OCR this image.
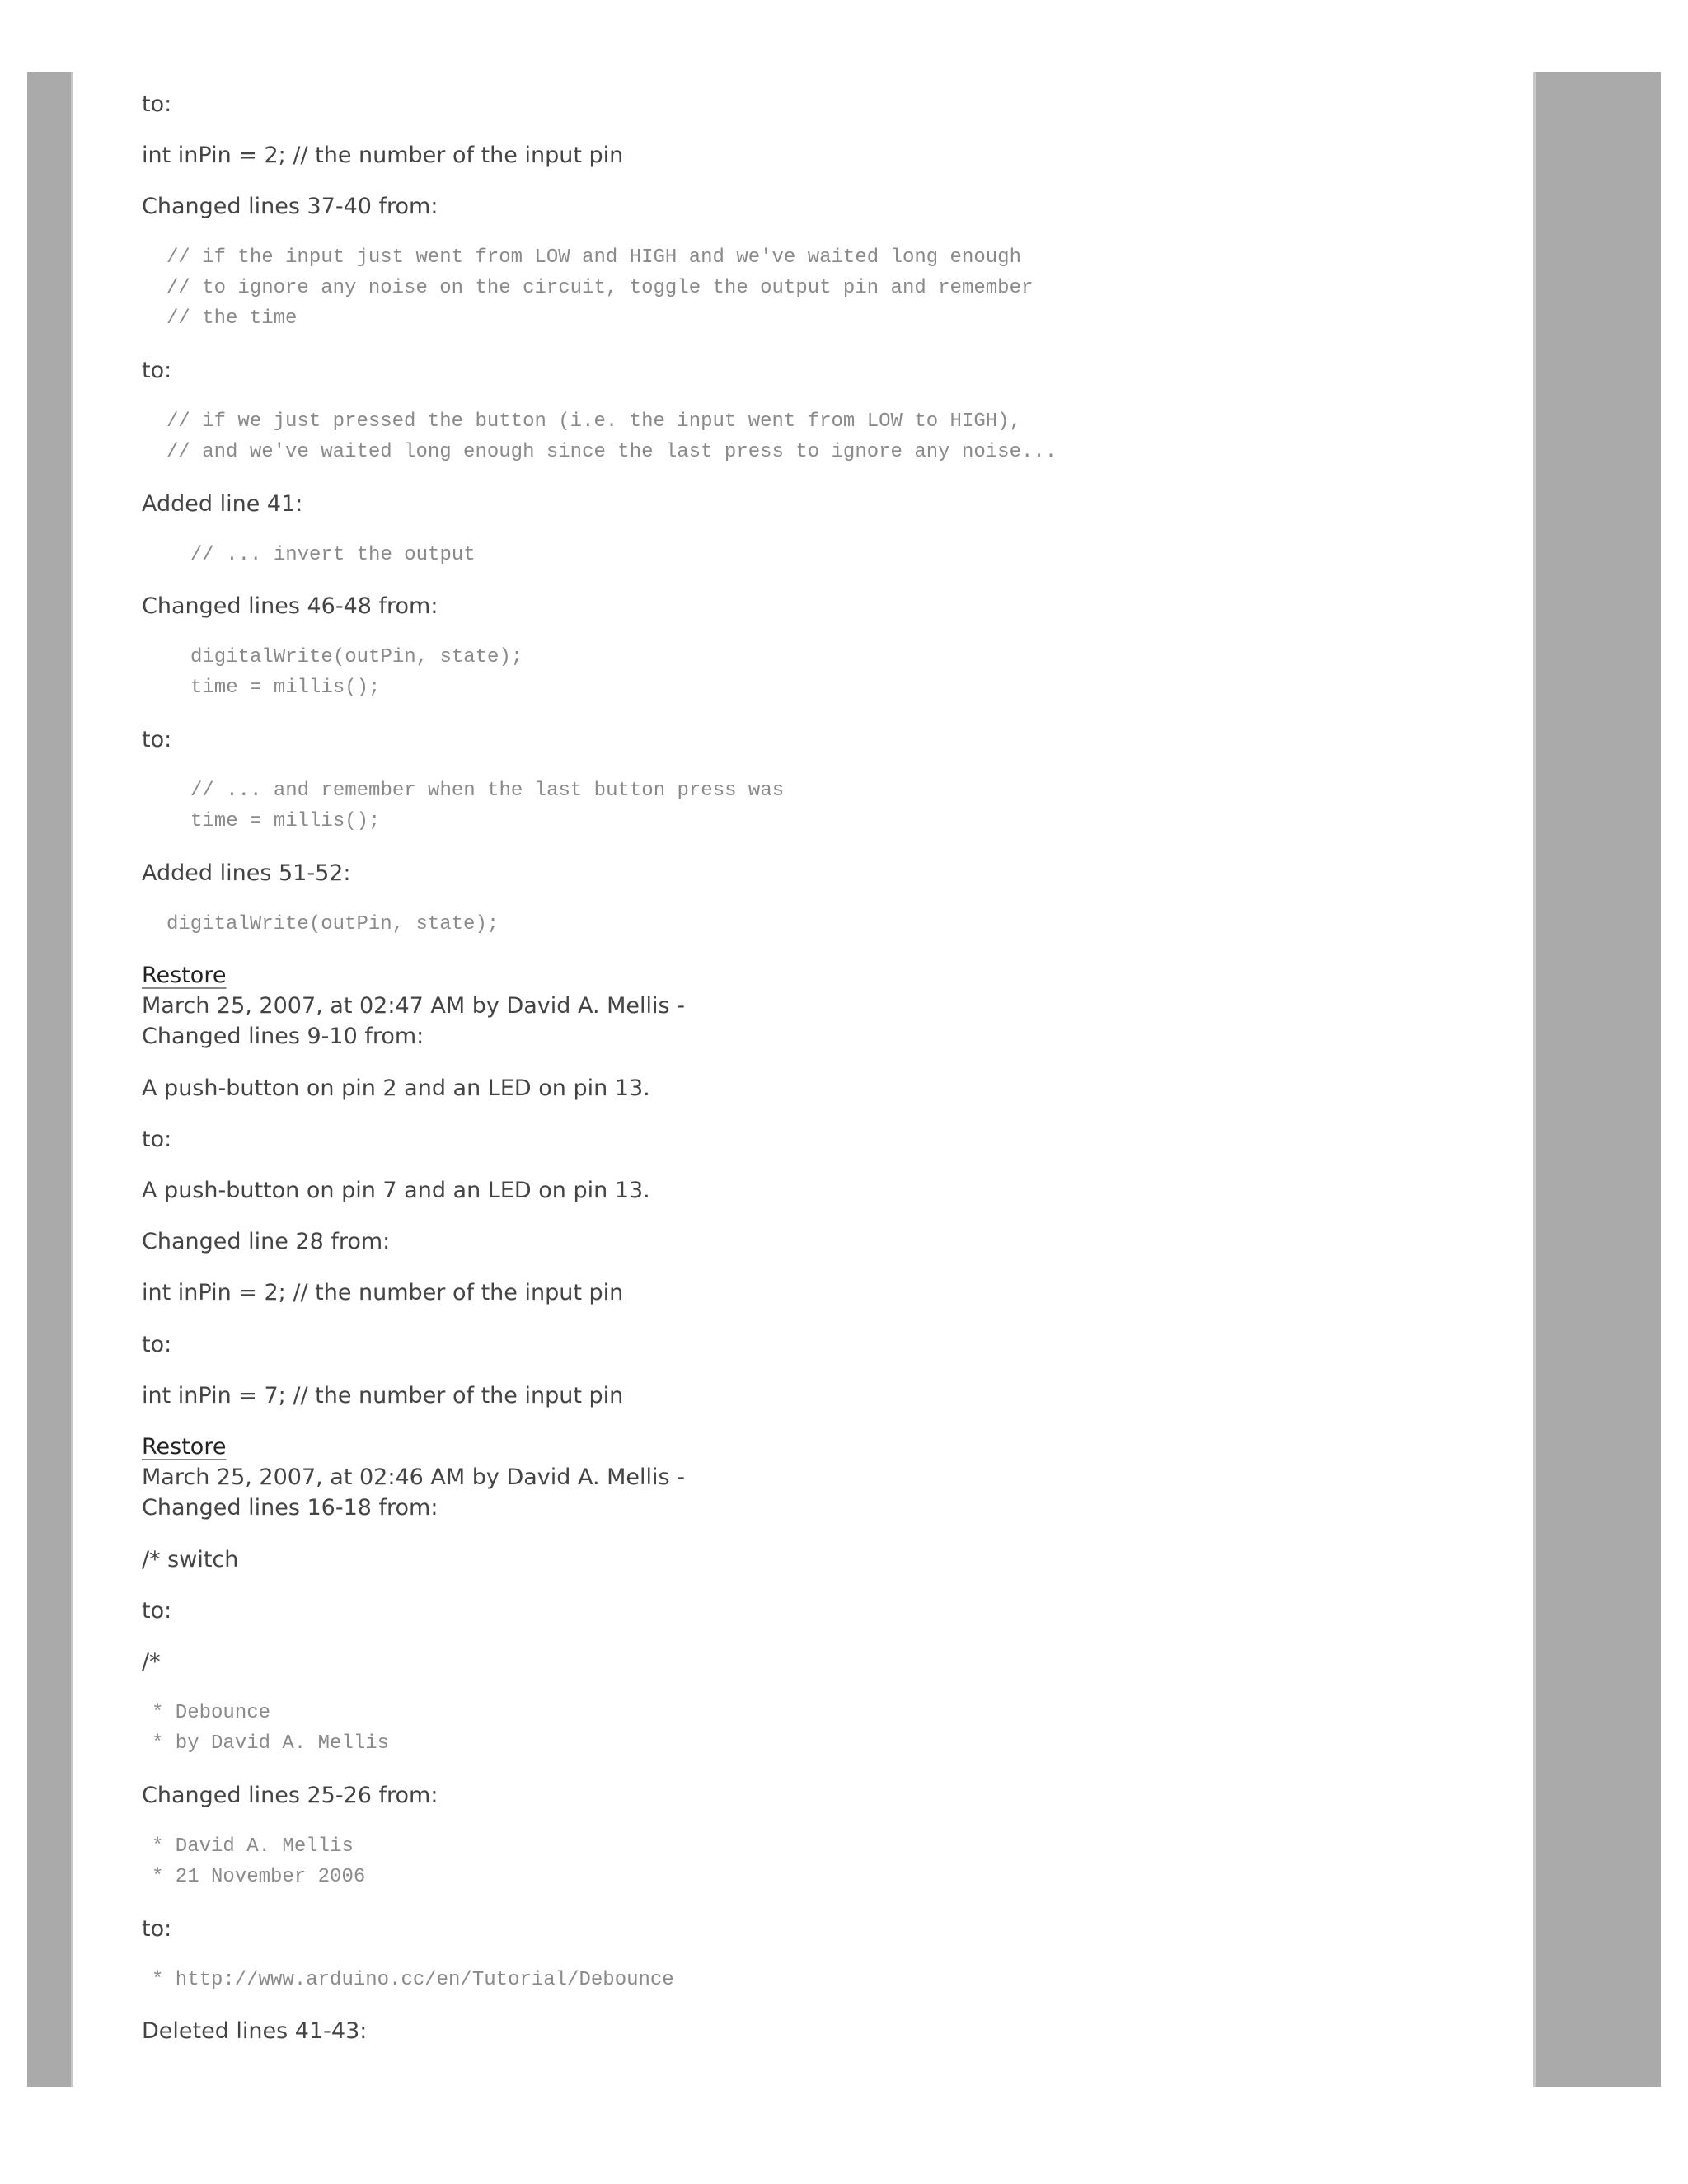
to:
int inPin = 2; // the number of the input pin
Changed lines 37-40 from:
// if the input just went from LOW and HIGH and we've waited long enough
// to ignore any noise on the circuit, toggle the output pin and remember
// the time
to:
// if we just pressed the button (i.e. the input went from LOW to HIGH),
// and we've waited long enough since the last press to ignore any noise...
Added line 41:
// ... invert the output
Changed lines 46-48 from:
digitalWrite(outPin, state);
time = millis();
to:
// ... and remember when the last button press was
time = millis();
Added lines 51-52:
digitalWrite(outPin, state);
Restore
March 25, 2007, at 02:47 AM by David A. Mellis -
Changed lines 9-10 from:
A push-button on pin 2 and an LED on pin 13.
to:
A push-button on pin 7 and an LED on pin 13.
Changed line 28 from:
int inPin = 2; // the number of the input pin
to:
int inPin = 7; // the number of the input pin
Restore
March 25, 2007, at 02:46 AM by David A. Mellis -
Changed lines 16-18 from:
/* switch
to:
/*
* Debounce
* by David A. Mellis
Changed lines 25-26 from:
* David A. Mellis
* 21 November 2006
to:
* http://www.arduino.cc/en/Tutorial/Debounce
Deleted lines 41-43:
